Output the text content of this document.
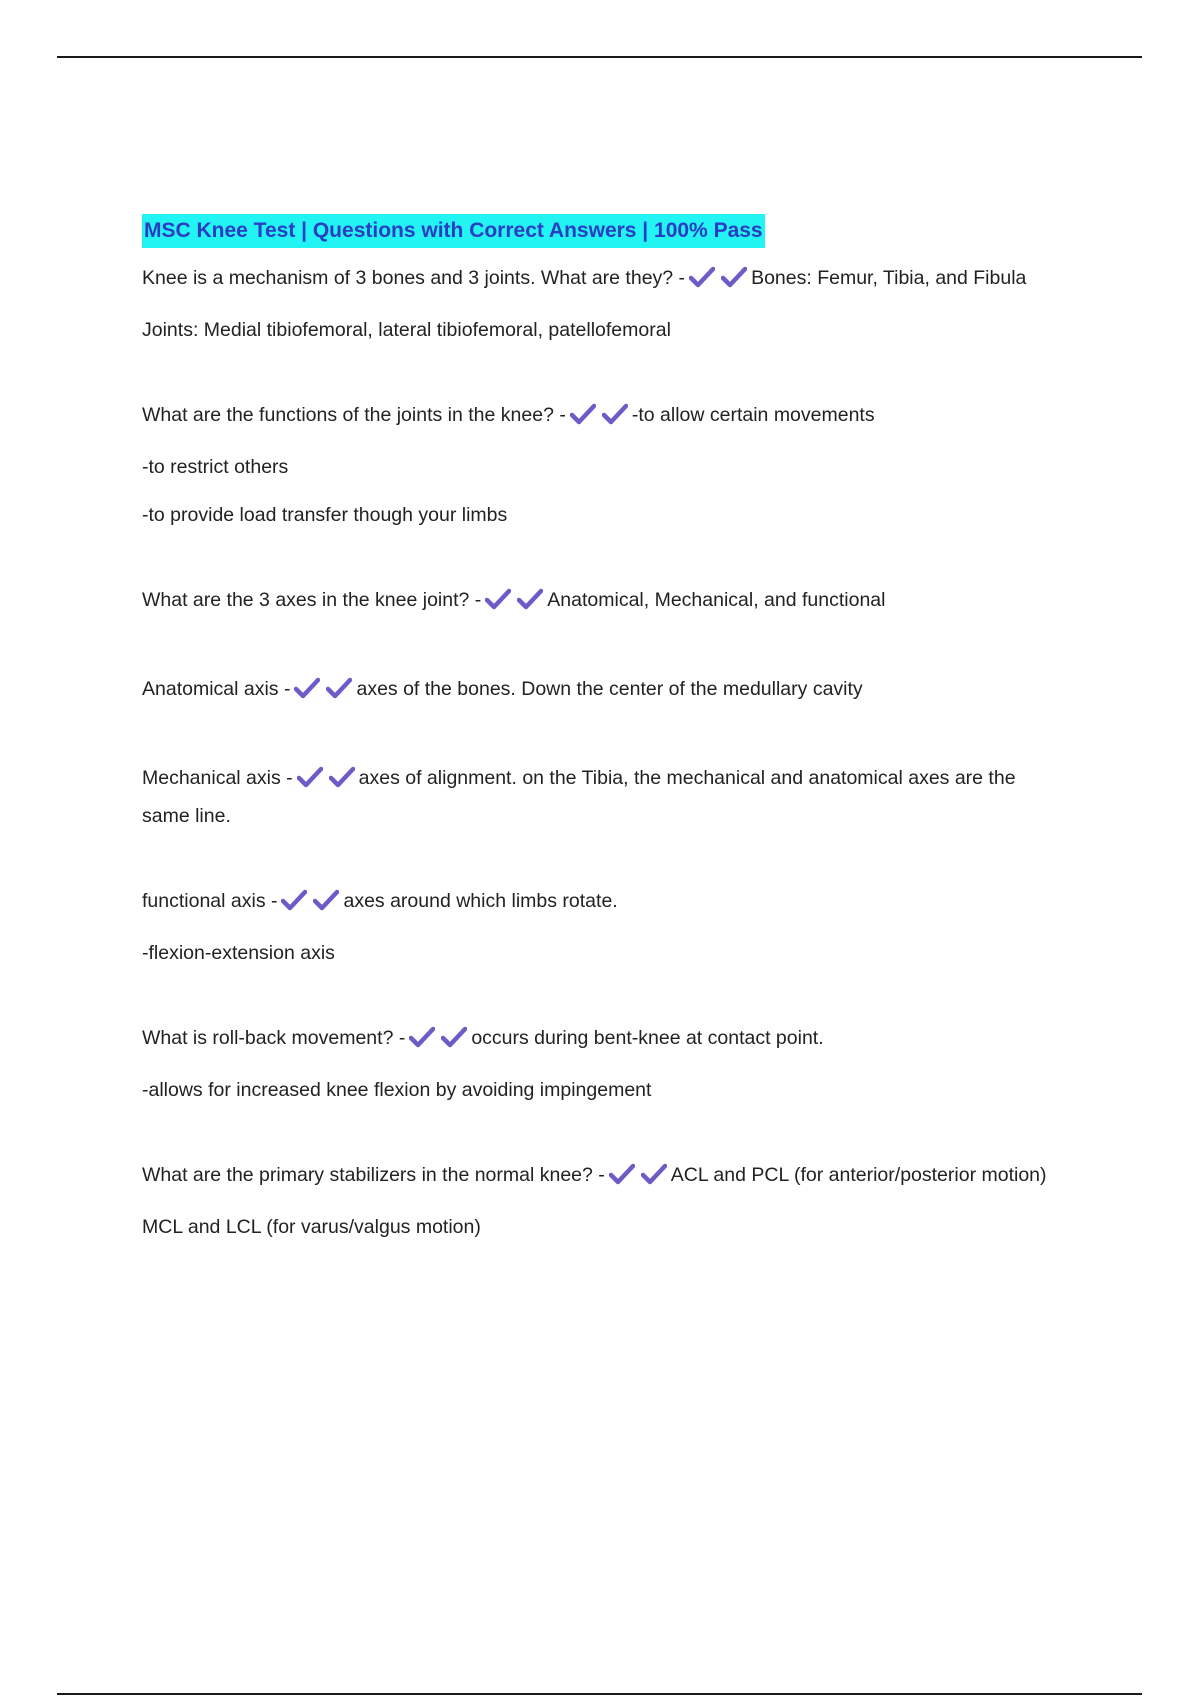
MSC Knee Test | Questions with Correct Answers | 100% Pass

Knee is a mechanism of 3 bones and 3 joints. What are they? -	Bones: Femur, Tibia, and Fibula

Joints: Medial tibiofemoral, lateral tibiofemoral, patellofemoral

What are the functions of the joints in the knee? -	-to allow certain movements

-to restrict others

-to provide load transfer though your limbs

What are the 3 axes in the knee joint? -	Anatomical, Mechanical, and functional

Anatomical axis -	axes of the bones. Down the center of the medullary cavity

Mechanical axis -	axes of alignment. on the Tibia, the mechanical and anatomical axes are the same line.

functional axis -	axes around which limbs rotate.

-flexion-extension axis

What is roll-back movement? -	occurs during bent-knee at contact point.

-allows for increased knee flexion by avoiding impingement

What are the primary stabilizers in the normal knee? -	ACL and PCL (for anterior/posterior motion)

MCL and LCL (for varus/valgus motion)
